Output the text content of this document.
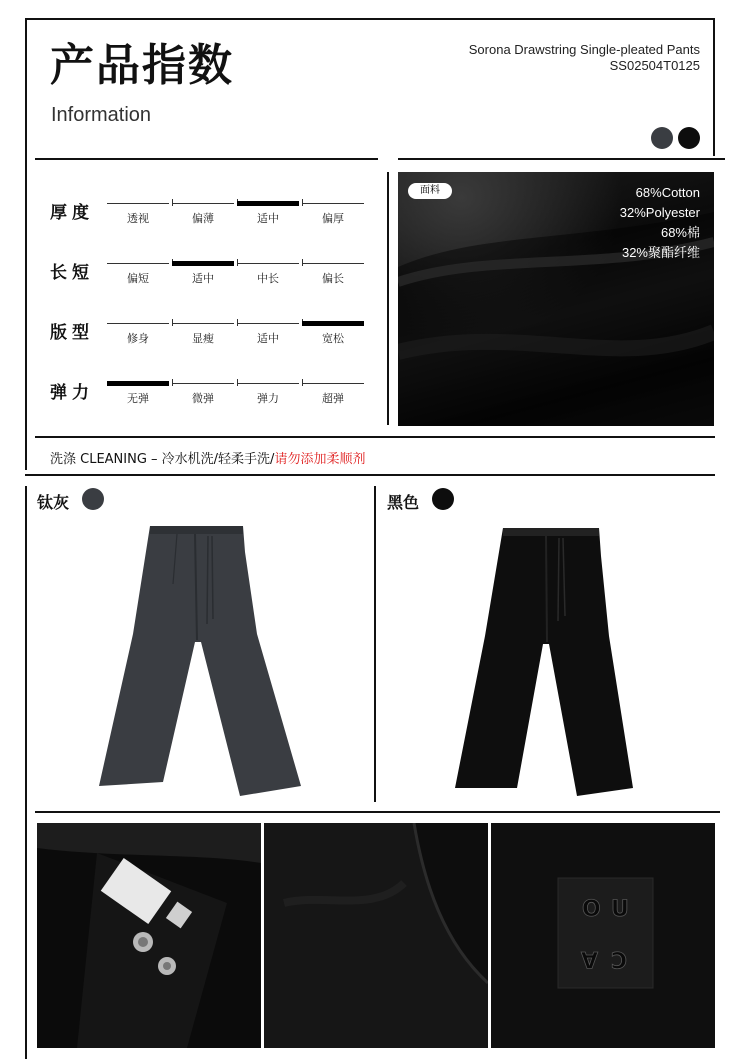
产品指数
Information
Sorona Drawstring Single-pleated Pants
SS02504T0125
厚度	透视	偏薄	适中	偏厚
长短	偏短	适中	中长	偏长
版型	修身	显瘦	适中	宽松
弹力	无弹	微弹	弹力	超弹
面料	68%Cotton
32%Polyester
68%棉
32%聚酯纤维
洗涤 CLEANING – 冷水机洗/轻柔手洗/请勿添加柔顺剂
钛灰	黑色
O U
A C
